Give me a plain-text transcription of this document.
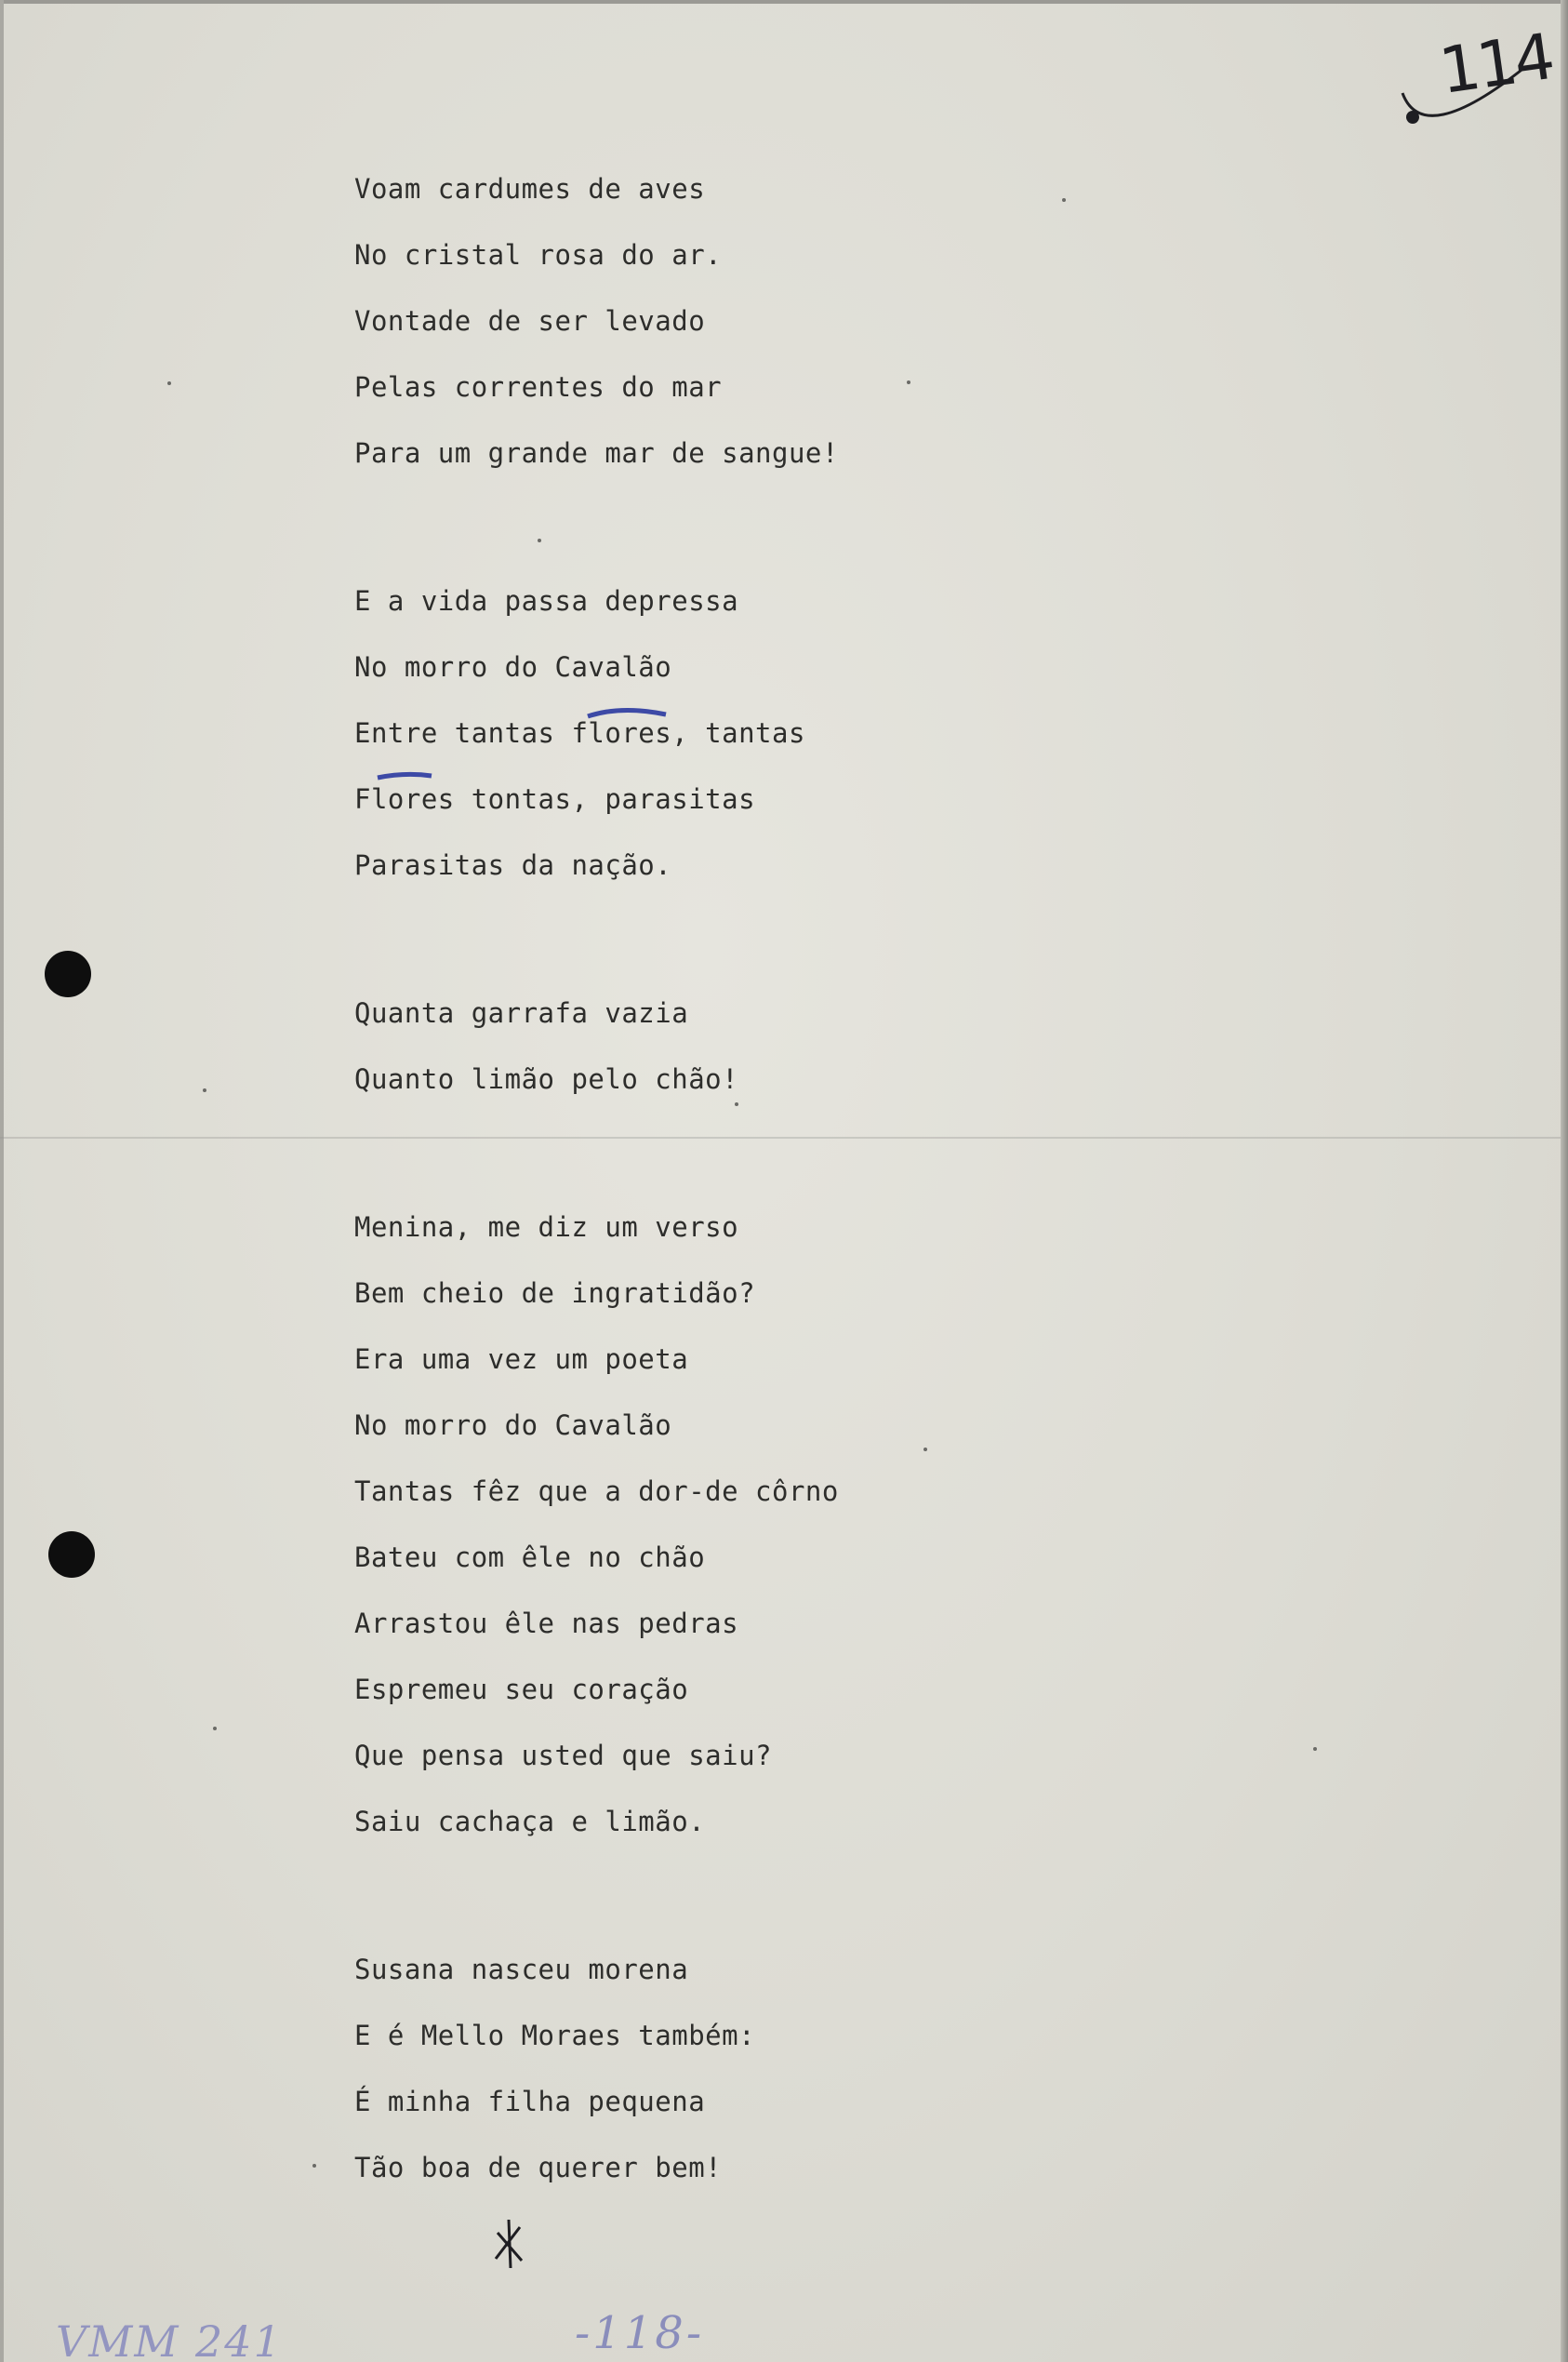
114
Voam cardumes de aves
No cristal rosa do ar.
Vontade de ser levado
Pelas correntes do mar
Para um grande mar de sangue!
E a vida passa depressa
No morro do Cavalão
Entre tantas flores, tantas
Flores tontas, parasitas
Parasitas da nação.
Quanta garrafa vazia
Quanto limão pelo chão!
Menina, me diz um verso
Bem cheio de ingratidão?
Era uma vez um poeta
No morro do Cavalão
Tantas fêz que a dor-de côrno
Bateu com êle no chão
Arrastou êle nas pedras
Espremeu seu coração
Que pensa usted que saiu?
Saiu cachaça e limão.
Susana nasceu morena
E é Mello Moraes também:
É minha filha pequena
Tão boa de querer bem!
-118-
VMM 241
